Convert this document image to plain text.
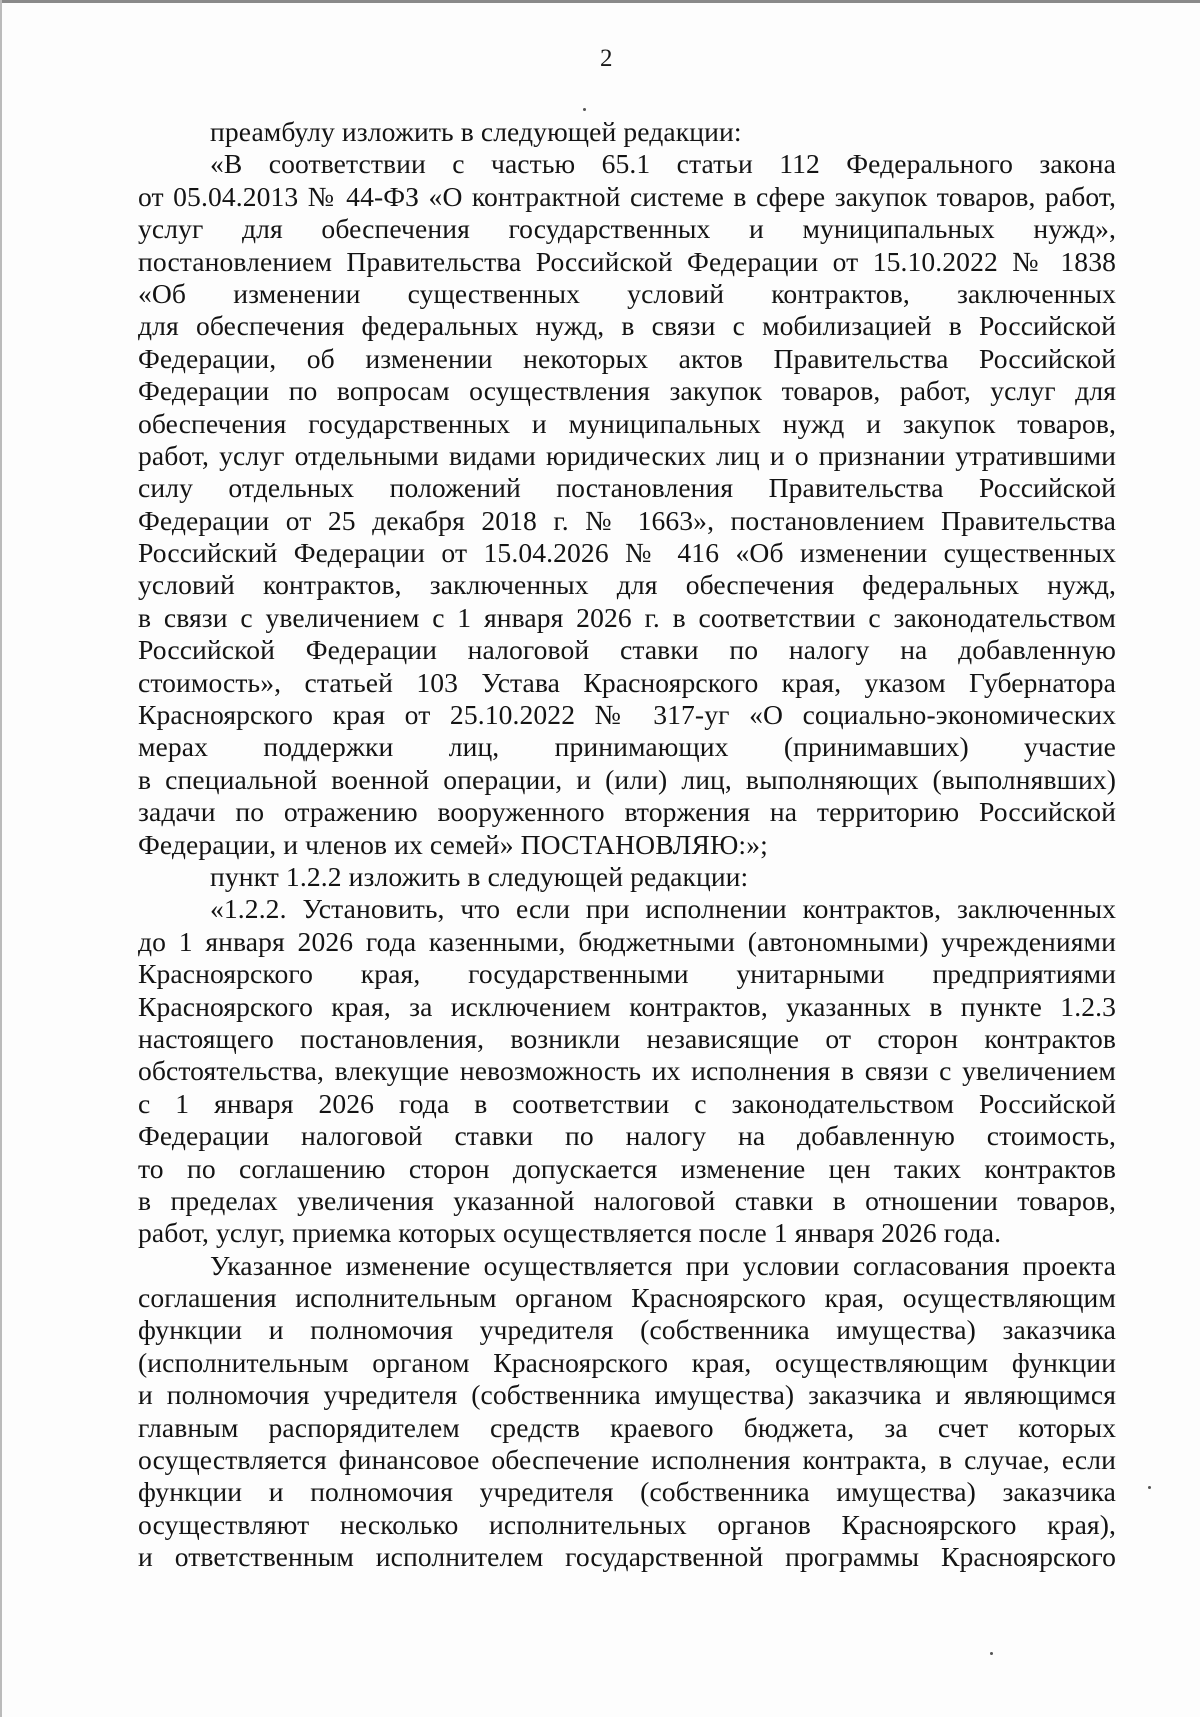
2
преамбулу изложить в следующей редакции:
«В соответствии с частью 65.1 статьи 112 Федерального закона
от 05.04.2013 № 44-ФЗ «О контрактной системе в сфере закупок товаров, работ,
услуг для обеспечения государственных и муниципальных нужд»,
постановлением Правительства Российской Федерации от 15.10.2022 № 1838
«Об изменении существенных условий контрактов, заключенных
для обеспечения федеральных нужд, в связи с мобилизацией в Российской
Федерации, об изменении некоторых актов Правительства Российской
Федерации по вопросам осуществления закупок товаров, работ, услуг для
обеспечения государственных и муниципальных нужд и закупок товаров,
работ, услуг отдельными видами юридических лиц и о признании утратившими
силу отдельных положений постановления Правительства Российской
Федерации от 25 декабря 2018 г. № 1663», постановлением Правительства
Российский Федерации от 15.04.2026 № 416 «Об изменении существенных
условий контрактов, заключенных для обеспечения федеральных нужд,
в связи с увеличением с 1 января 2026 г. в соответствии с законодательством
Российской Федерации налоговой ставки по налогу на добавленную
стоимость», статьей 103 Устава Красноярского края, указом Губернатора
Красноярского края от 25.10.2022 № 317-уг «О социально-экономических
мерах поддержки лиц, принимающих (принимавших) участие
в специальной военной операции, и (или) лиц, выполняющих (выполнявших)
задачи по отражению вооруженного вторжения на территорию Российской
Федерации, и членов их семей» ПОСТАНОВЛЯЮ:»;
пункт 1.2.2 изложить в следующей редакции:
«1.2.2. Установить, что если при исполнении контрактов, заключенных
до 1 января 2026 года казенными, бюджетными (автономными) учреждениями
Красноярского края, государственными унитарными предприятиями
Красноярского края, за исключением контрактов, указанных в пункте 1.2.3
настоящего постановления, возникли независящие от сторон контрактов
обстоятельства, влекущие невозможность их исполнения в связи с увеличением
с 1 января 2026 года в соответствии с законодательством Российской
Федерации налоговой ставки по налогу на добавленную стоимость,
то по соглашению сторон допускается изменение цен таких контрактов
в пределах увеличения указанной налоговой ставки в отношении товаров,
работ, услуг, приемка которых осуществляется после 1 января 2026 года.
Указанное изменение осуществляется при условии согласования проекта
соглашения исполнительным органом Красноярского края, осуществляющим
функции и полномочия учредителя (собственника имущества) заказчика
(исполнительным органом Красноярского края, осуществляющим функции
и полномочия учредителя (собственника имущества) заказчика и являющимся
главным распорядителем средств краевого бюджета, за счет которых
осуществляется финансовое обеспечение исполнения контракта, в случае, если
функции и полномочия учредителя (собственника имущества) заказчика
осуществляют несколько исполнительных органов Красноярского края),
и ответственным исполнителем государственной программы Красноярского
